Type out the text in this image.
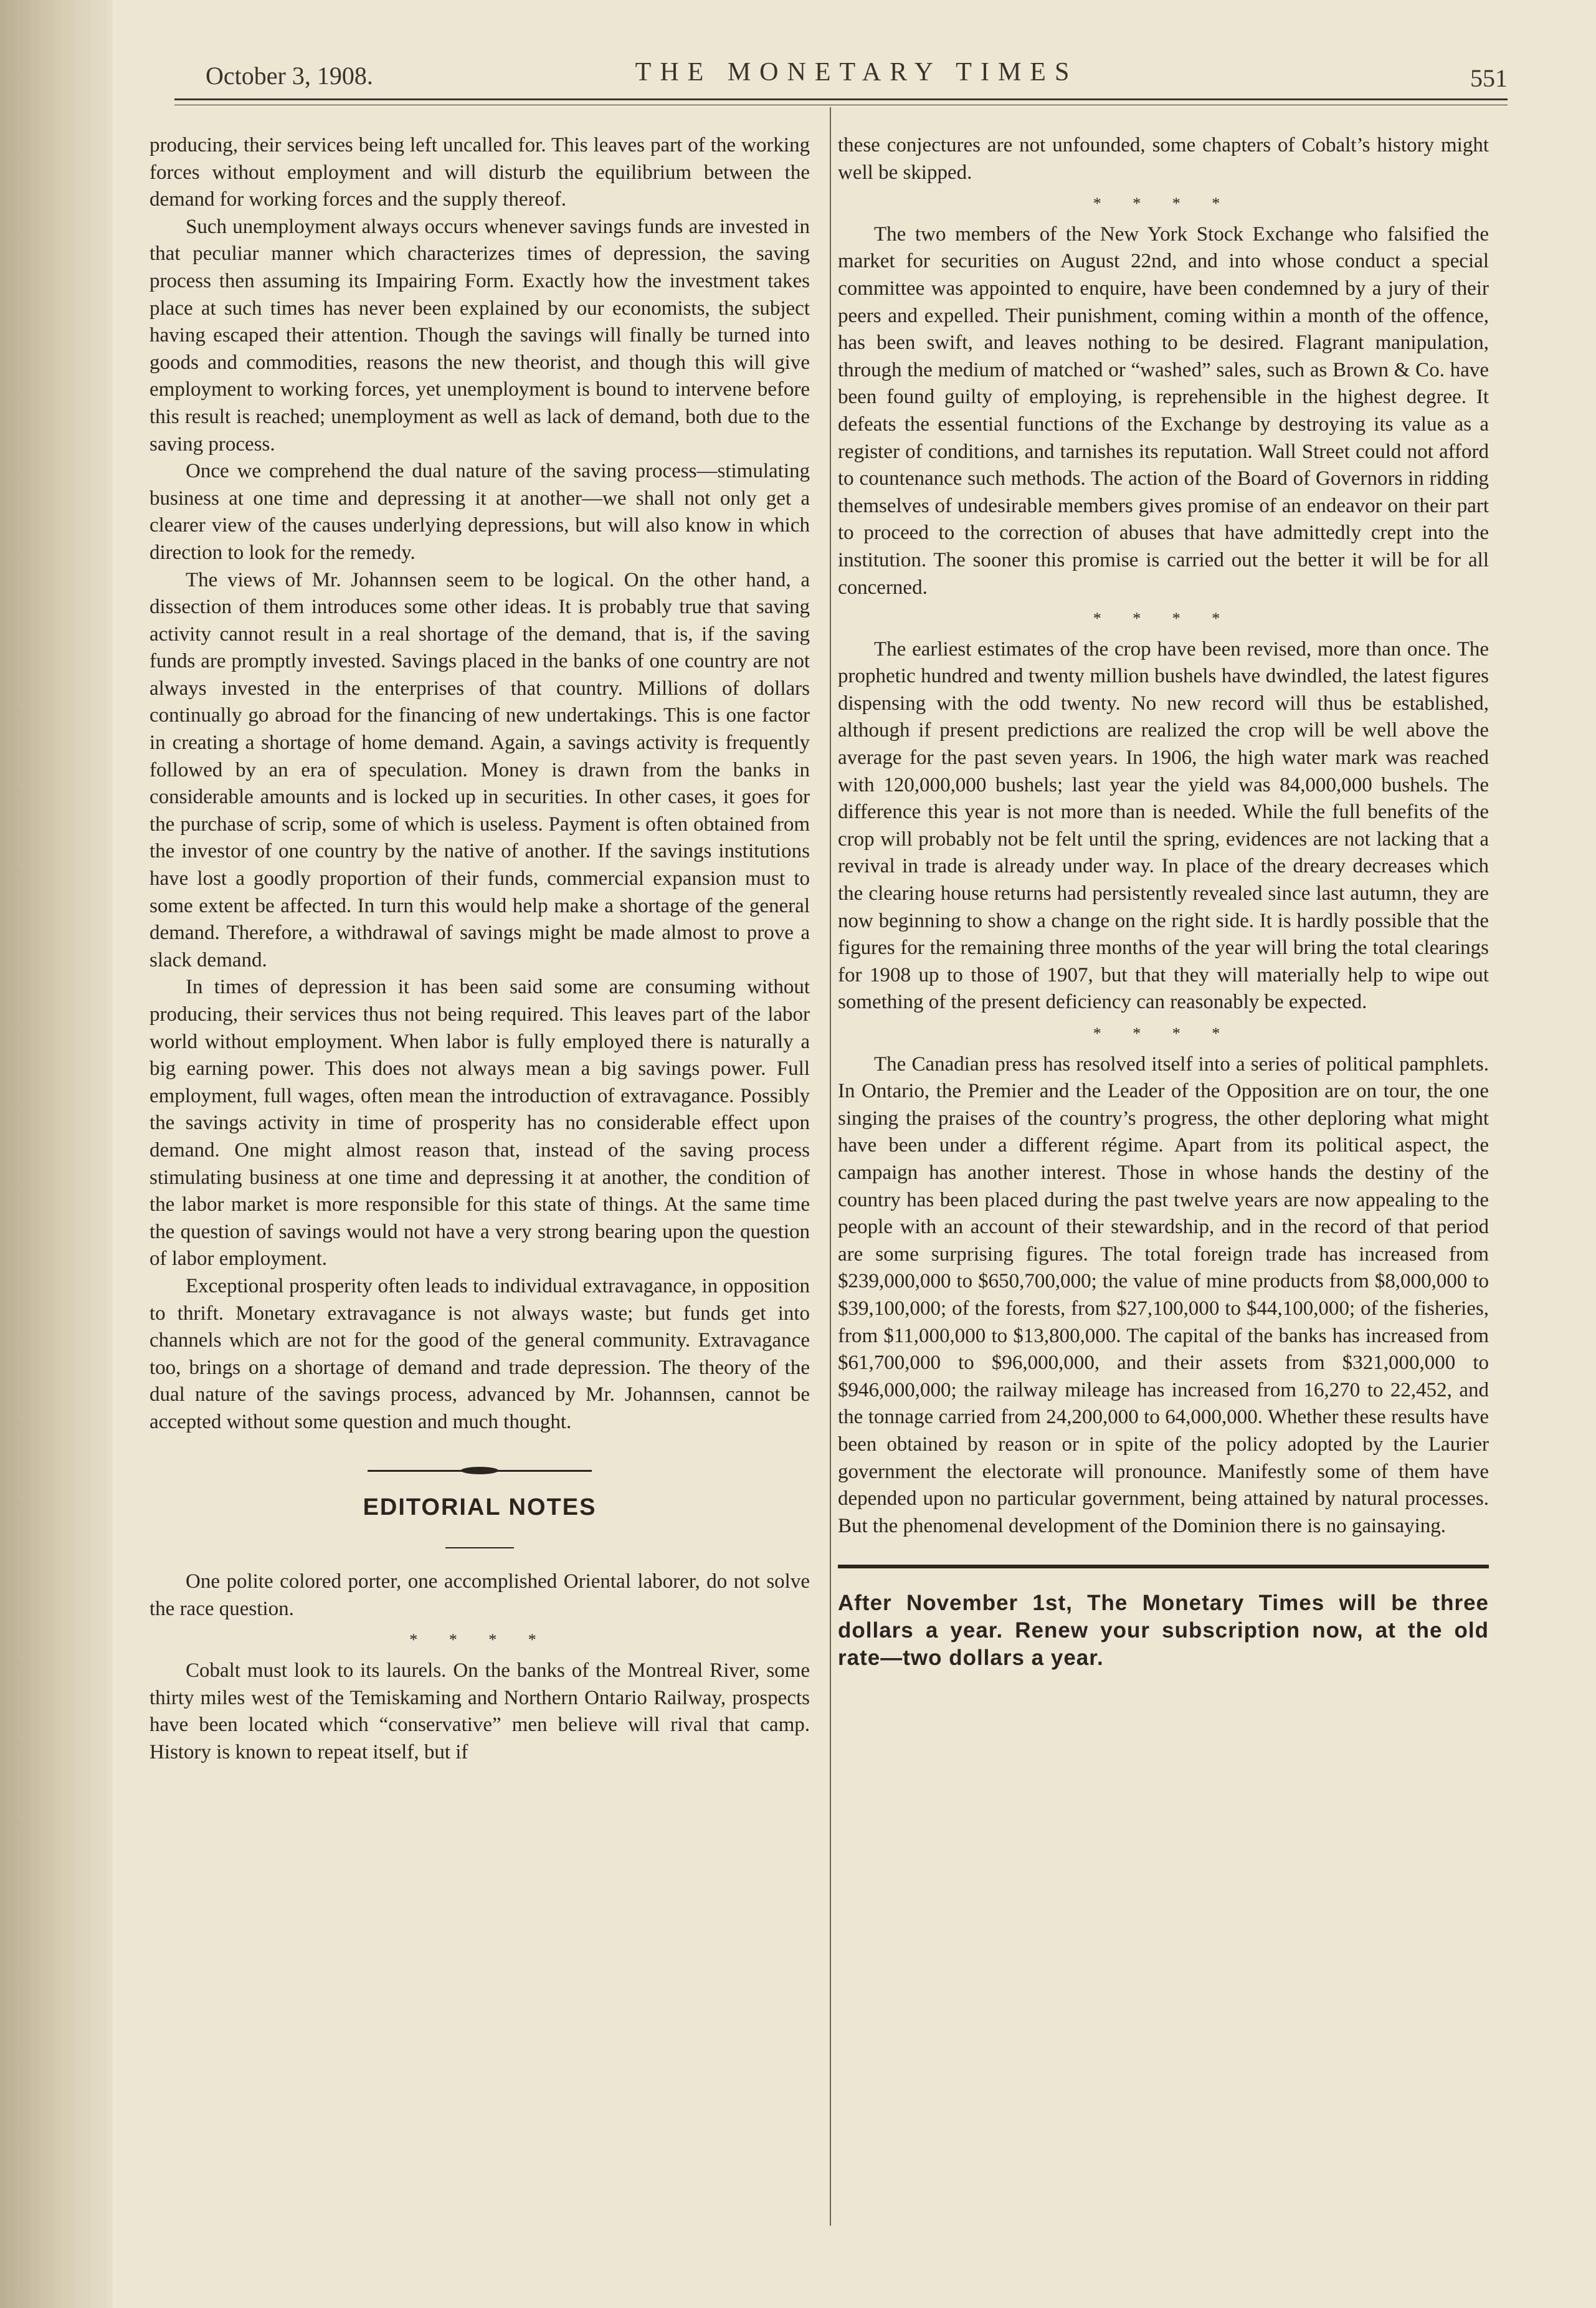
October 3, 1908.	THE MONETARY TIMES	551

producing, their services being left uncalled for. This leaves part of the working forces without employment and will disturb the equilibrium between the demand for working forces and the supply thereof.

Such unemployment always occurs whenever savings funds are invested in that peculiar manner which characterizes times of depression, the saving process then assuming its Impairing Form. Exactly how the investment takes place at such times has never been explained by our economists, the subject having escaped their attention. Though the savings will finally be turned into goods and commodities, reasons the new theorist, and though this will give employment to working forces, yet unemployment is bound to intervene before this result is reached; unemployment as well as lack of demand, both due to the saving process.

Once we comprehend the dual nature of the saving process—stimulating business at one time and depressing it at another—we shall not only get a clearer view of the causes underlying depressions, but will also know in which direction to look for the remedy.

The views of Mr. Johannsen seem to be logical. On the other hand, a dissection of them introduces some other ideas. It is probably true that saving activity cannot result in a real shortage of the demand, that is, if the saving funds are promptly invested. Savings placed in the banks of one country are not always invested in the enterprises of that country. Millions of dollars continually go abroad for the financing of new undertakings. This is one factor in creating a shortage of home demand. Again, a savings activity is frequently followed by an era of speculation. Money is drawn from the banks in considerable amounts and is locked up in securities. In other cases, it goes for the purchase of scrip, some of which is useless. Payment is often obtained from the investor of one country by the native of another. If the savings institutions have lost a goodly proportion of their funds, commercial expansion must to some extent be affected. In turn this would help make a shortage of the general demand. Therefore, a withdrawal of savings might be made almost to prove a slack demand.

In times of depression it has been said some are consuming without producing, their services thus not being required. This leaves part of the labor world without employment. When labor is fully employed there is naturally a big earning power. This does not always mean a big savings power. Full employment, full wages, often mean the introduction of extravagance. Possibly the savings activity in time of prosperity has no considerable effect upon demand. One might almost reason that, instead of the saving process stimulating business at one time and depressing it at another, the condition of the labor market is more responsible for this state of things. At the same time the question of savings would not have a very strong bearing upon the question of labor employment.

Exceptional prosperity often leads to individual extravagance, in opposition to thrift. Monetary extravagance is not always waste; but funds get into channels which are not for the good of the general community. Extravagance too, brings on a shortage of demand and trade depression. The theory of the dual nature of the savings process, advanced by Mr. Johannsen, cannot be accepted without some question and much thought.

EDITORIAL NOTES

One polite colored porter, one accomplished Oriental laborer, do not solve the race question.

* * * *

Cobalt must look to its laurels. On the banks of the Montreal River, some thirty miles west of the Temiskaming and Northern Ontario Railway, prospects have been located which “conservative” men believe will rival that camp. History is known to repeat itself, but if

these conjectures are not unfounded, some chapters of Cobalt’s history might well be skipped.

* * * *

The two members of the New York Stock Exchange who falsified the market for securities on August 22nd, and into whose conduct a special committee was appointed to enquire, have been condemned by a jury of their peers and expelled. Their punishment, coming within a month of the offence, has been swift, and leaves nothing to be desired. Flagrant manipulation, through the medium of matched or “washed” sales, such as Brown & Co. have been found guilty of employing, is reprehensible in the highest degree. It defeats the essential functions of the Exchange by destroying its value as a register of conditions, and tarnishes its reputation. Wall Street could not afford to countenance such methods. The action of the Board of Governors in ridding themselves of undesirable members gives promise of an endeavor on their part to proceed to the correction of abuses that have admittedly crept into the institution. The sooner this promise is carried out the better it will be for all concerned.

* * * *

The earliest estimates of the crop have been revised, more than once. The prophetic hundred and twenty million bushels have dwindled, the latest figures dispensing with the odd twenty. No new record will thus be established, although if present predictions are realized the crop will be well above the average for the past seven years. In 1906, the high water mark was reached with 120,000,000 bushels; last year the yield was 84,000,000 bushels. The difference this year is not more than is needed. While the full benefits of the crop will probably not be felt until the spring, evidences are not lacking that a revival in trade is already under way. In place of the dreary decreases which the clearing house returns had persistently revealed since last autumn, they are now beginning to show a change on the right side. It is hardly possible that the figures for the remaining three months of the year will bring the total clearings for 1908 up to those of 1907, but that they will materially help to wipe out something of the present deficiency can reasonably be expected.

* * * *

The Canadian press has resolved itself into a series of political pamphlets. In Ontario, the Premier and the Leader of the Opposition are on tour, the one singing the praises of the country’s progress, the other deploring what might have been under a different régime. Apart from its political aspect, the campaign has another interest. Those in whose hands the destiny of the country has been placed during the past twelve years are now appealing to the people with an account of their stewardship, and in the record of that period are some surprising figures. The total foreign trade has increased from $239,000,000 to $650,700,000; the value of mine products from $8,000,000 to $39,100,000; of the forests, from $27,100,000 to $44,100,000; of the fisheries, from $11,000,000 to $13,800,000. The capital of the banks has increased from $61,700,000 to $96,000,000, and their assets from $321,000,000 to $946,000,000; the railway mileage has increased from 16,270 to 22,452, and the tonnage carried from 24,200,000 to 64,000,000. Whether these results have been obtained by reason or in spite of the policy adopted by the Laurier government the electorate will pronounce. Manifestly some of them have depended upon no particular government, being attained by natural processes. But the phenomenal development of the Dominion there is no gainsaying.

After November 1st, The Monetary Times will be three dollars a year. Renew your subscription now, at the old rate—two dollars a year.
